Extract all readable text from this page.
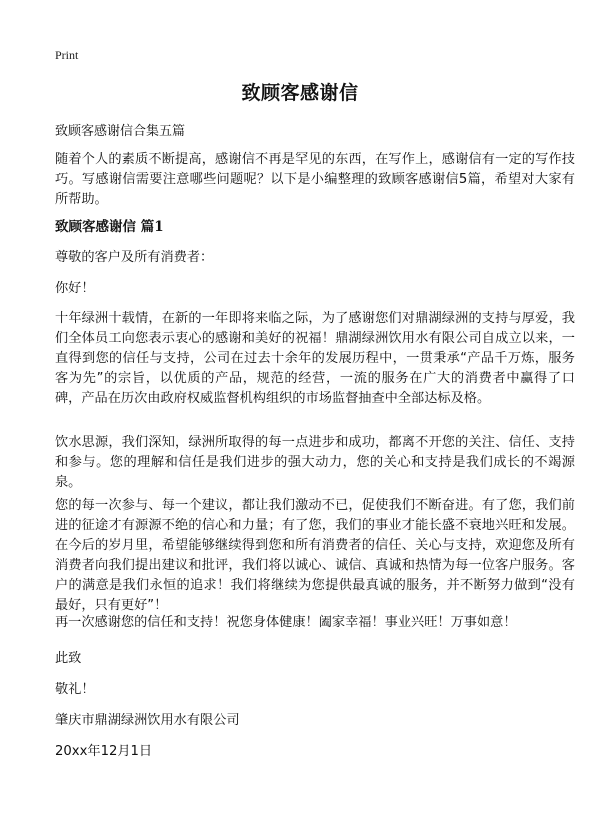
Print
致顾客感谢信
致顾客感谢信合集五篇

随着个人的素质不断提高，感谢信不再是罕见的东西，在写作上，感谢信有一定的写作技巧。写感谢信需要注意哪些问题呢？以下是小编整理的致顾客感谢信5篇，希望对大家有所帮助。

致顾客感谢信 篇1

尊敬的客户及所有消费者：

你好！

十年绿洲十载情，在新的一年即将来临之际，为了感谢您们对鼎湖绿洲的支持与厚爱，我们全体员工向您表示衷心的感谢和美好的祝福！鼎湖绿洲饮用水有限公司自成立以来，一直得到您的信任与支持，公司在过去十余年的发展历程中，一贯秉承“产品千万炼，服务客为先”的宗旨，以优质的产品，规范的经营，一流的服务在广大的消费者中赢得了口碑，产品在历次由政府权威监督机构组织的市场监督抽查中全部达标及格。

饮水思源，我们深知，绿洲所取得的每一点进步和成功，都离不开您的关注、信任、支持和参与。您的理解和信任是我们进步的强大动力，您的关心和支持是我们成长的不竭源泉。

您的每一次参与、每一个建议，都让我们激动不已，促使我们不断奋进。有了您，我们前进的征途才有源源不绝的信心和力量；有了您，我们的事业才能长盛不衰地兴旺和发展。在今后的岁月里，希望能够继续得到您和所有消费者的信任、关心与支持，欢迎您及所有消费者向我们提出建议和批评，我们将以诚心、诚信、真诚和热情为每一位客户服务。客户的满意是我们永恒的追求！我们将继续为您提供最真诚的服务，并不断努力做到“没有最好，只有更好”！

再一次感谢您的信任和支持！祝您身体健康！阖家幸福！事业兴旺！万事如意！

此致

敬礼！

肇庆市鼎湖绿洲饮用水有限公司

20xx年12月1日
